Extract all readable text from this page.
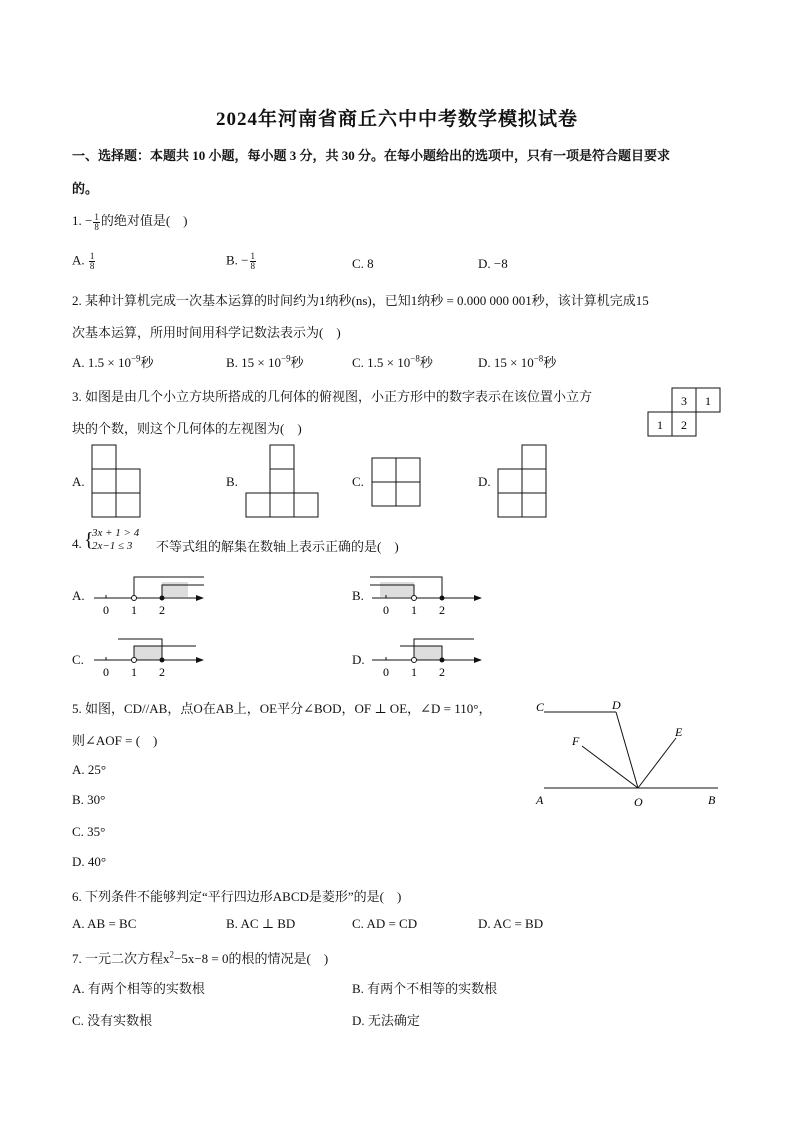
2024年河南省商丘六中中考数学模拟试卷
一、选择题：本题共 10 小题，每小题 3 分，共 30 分。在每小题给出的选项中，只有一项是符合题目要求
的。
1. − $\frac{1}{8}$ 的绝对值是(　)
A. $\frac{1}{8}$	B. − $\frac{1}{8}$	C. 8	D. −8
2. 某种计算机完成一次基本运算的时间约为1纳秒(ns)，已知1纳秒 = 0.000 000 001秒，该计算机完成15
次基本运算，所用时间用科学记数法表示为(　)
A. $1.5 \times 10^{-9}$秒	B. $15 \times 10^{-9}$秒	C. $1.5 \times 10^{-8}$秒	D. $15 \times 10^{-8}$秒
3. 如图是由几个小立方块所搭成的几何体的俯视图，小正方形中的数字表示在该位置小立方
块的个数，则这个几何体的左视图为(　)
3 1
1 2
A.	B.	C.	D.
4. {
3x + 1 > 4
2x−1 ≤ 3	不等式组的解集在数轴上表示正确的是(　)
A.
0 1 2
B.
0 1 2
C.
0 1 2
D.
0 1 2
5. 如图，CD//AB，点O在AB上，OE平分∠BOD，OF ⊥ OE，∠D = 110°，
则∠AOF = (　)
A. 25°
B. 30°
C. 35°
D. 40°
C	D
F
E
A	O	B
6. 下列条件不能够判定“平行四边形ABCD是菱形”的是(　)
A. AB = BC	B. AC ⊥ BD	C. AD = CD	D. AC = BD
7. 一元二次方程$x^2-5x-8 = 0$的根的情况是(　)
A. 有两个相等的实数根	B. 有两个不相等的实数根
C. 没有实数根	D. 无法确定
